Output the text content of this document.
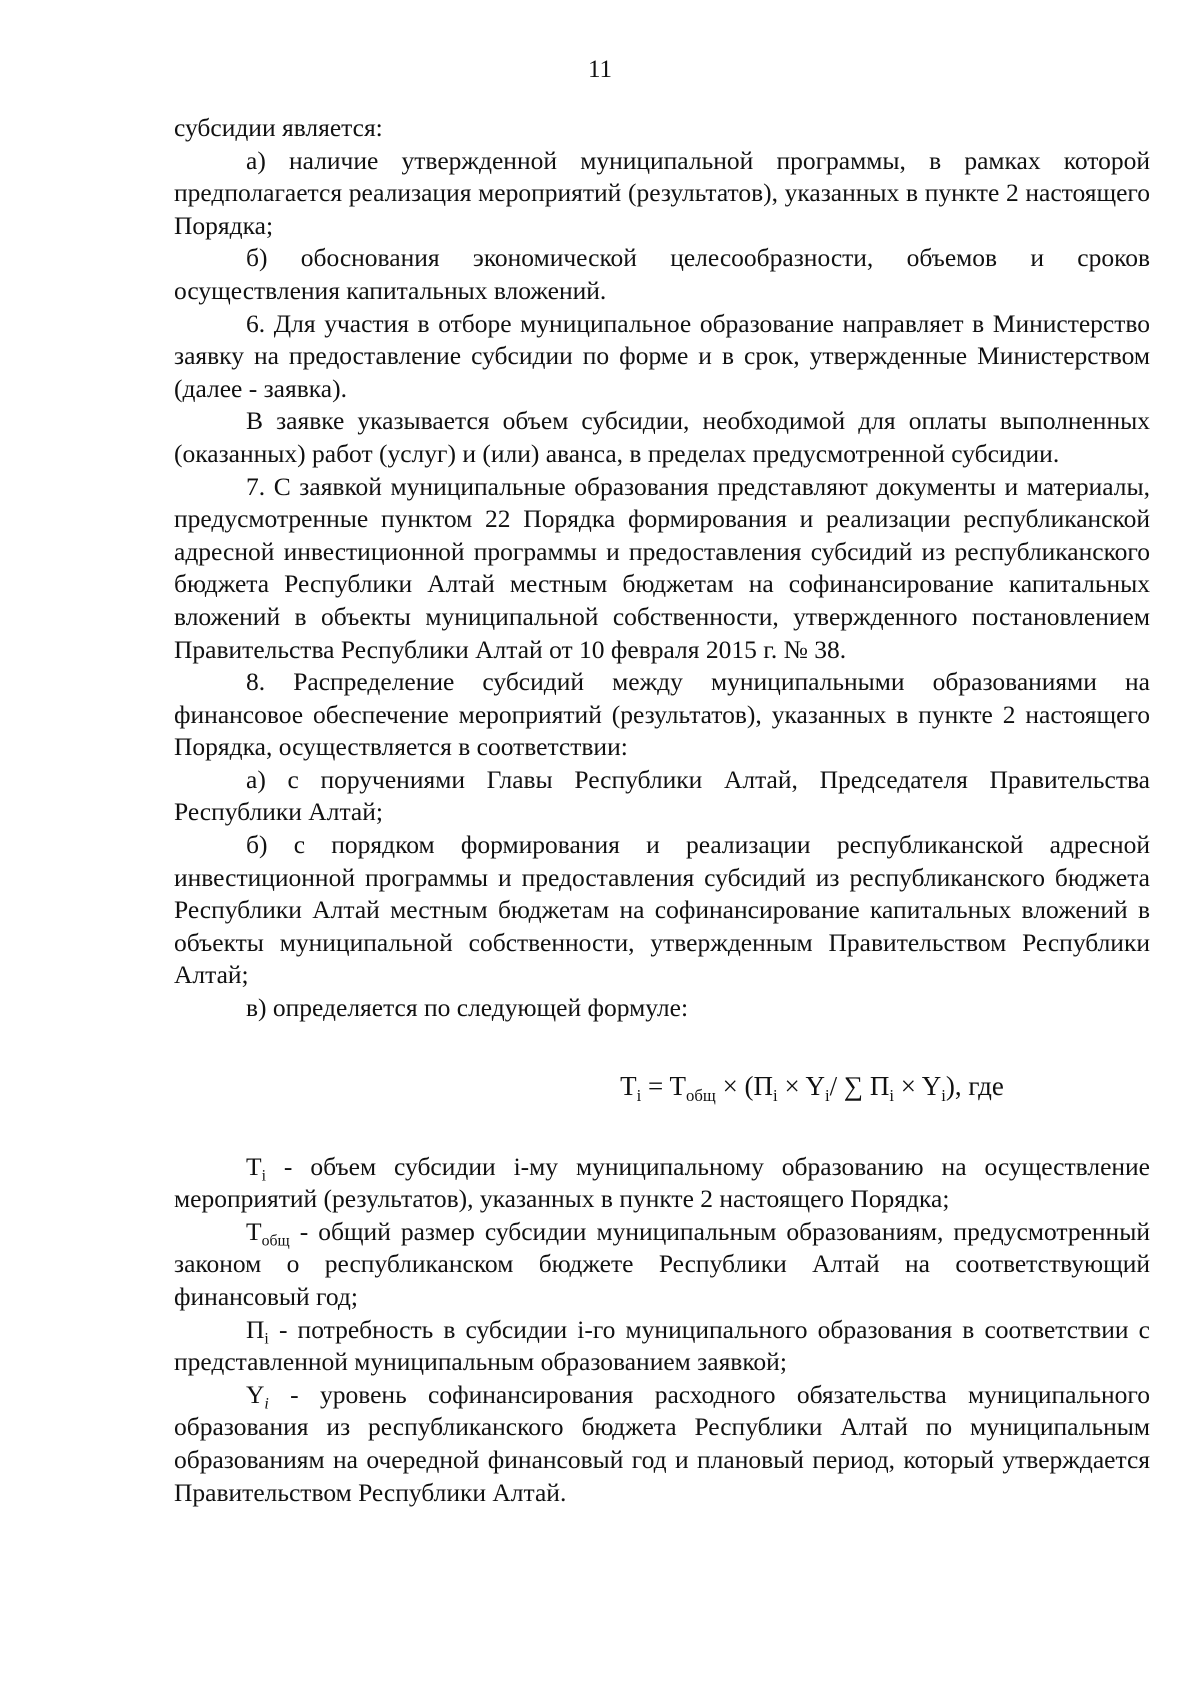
11

субсидии является:

а) наличие утвержденной муниципальной программы, в рамках которой предполагается реализация мероприятий (результатов), указанных в пункте 2 настоящего Порядка;

б) обоснования экономической целесообразности, объемов и сроков осуществления капитальных вложений.

6. Для участия в отборе муниципальное образование направляет в Министерство заявку на предоставление субсидии по форме и в срок, утвержденные Министерством (далее - заявка).

В заявке указывается объем субсидии, необходимой для оплаты выполненных (оказанных) работ (услуг) и (или) аванса, в пределах предусмотренной субсидии.

7. С заявкой муниципальные образования представляют документы и материалы, предусмотренные пунктом 22 Порядка формирования и реализации республиканской адресной инвестиционной программы и предоставления субсидий из республиканского бюджета Республики Алтай местным бюджетам на софинансирование капитальных вложений в объекты муниципальной собственности, утвержденного постановлением Правительства Республики Алтай от 10 февраля 2015 г. № 38.

8. Распределение субсидий между муниципальными образованиями на финансовое обеспечение мероприятий (результатов), указанных в пункте 2 настоящего Порядка, осуществляется в соответствии:

а) с поручениями Главы Республики Алтай, Председателя Правительства Республики Алтай;

б) с порядком формирования и реализации республиканской адресной инвестиционной программы и предоставления субсидий из республиканского бюджета Республики Алтай местным бюджетам на софинансирование капитальных вложений в объекты муниципальной собственности, утвержденным Правительством Республики Алтай;

в) определяется по следующей формуле:

$T_i = T_{общ} \times (П_i \times Y_i/$ ∑ $П_i \times Y_i$), где

$T_i$ - объем субсидии i-му муниципальному образованию на осуществление мероприятий (результатов), указанных в пункте 2 настоящего Порядка;

$T_{общ}$ - общий размер субсидии муниципальным образованиям, предусмотренный законом о республиканском бюджете Республики Алтай на соответствующий финансовый год;

$П_i$ - потребность в субсидии i-го муниципального образования в соответствии с представленной муниципальным образованием заявкой;

$Y_i$ - уровень софинансирования расходного обязательства муниципального образования из республиканского бюджета Республики Алтай по муниципальным образованиям на очередной финансовый год и плановый период, который утверждается Правительством Республики Алтай.
